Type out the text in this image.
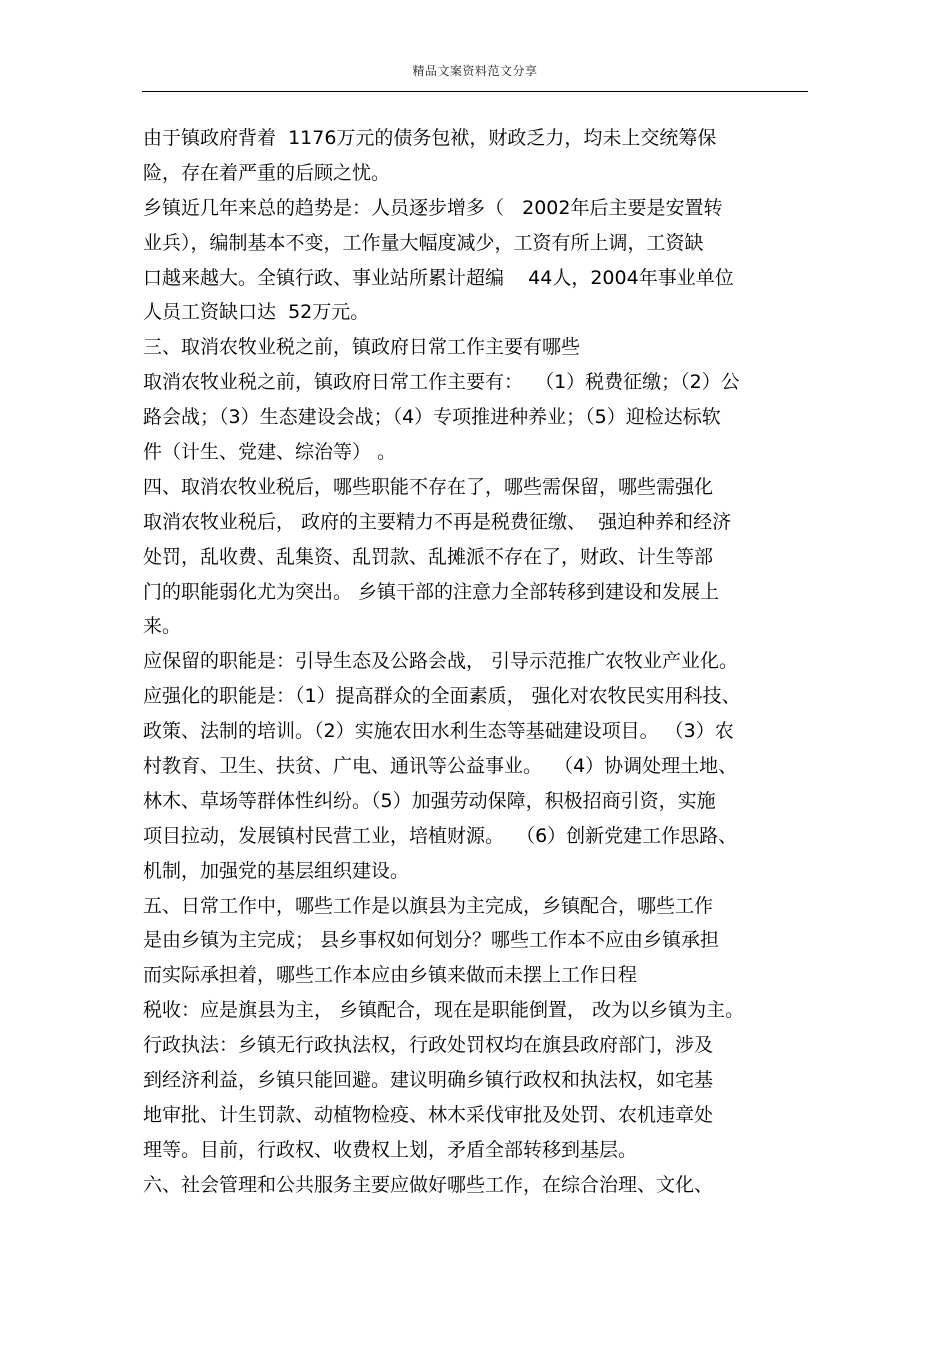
精品文案资料范文分享
由于镇政府背着  1176万元的债务包袱，财政乏力，均未上交统筹保
险，存在着严重的后顾之忧。
乡镇近几年来总的趋势是：人员逐步增多（   2002年后主要是安置转
业兵），编制基本不变，工作量大幅度减少，工资有所上调，工资缺
口越来越大。全镇行政、事业站所累计超编    44人，2004年事业单位
人员工资缺口达  52万元。
三、取消农牧业税之前，镇政府日常工作主要有哪些
取消农牧业税之前，镇政府日常工作主要有：  （1）税费征缴；（2）公
路会战；（3）生态建设会战；（4）专项推进种养业；（5）迎检达标软
件（计生、党建、综治等） 。
四、取消农牧业税后，哪些职能不存在了，哪些需保留，哪些需强化
取消农牧业税后， 政府的主要精力不再是税费征缴、  强迫种养和经济
处罚，乱收费、乱集资、乱罚款、乱摊派不存在了，财政、计生等部
门的职能弱化尤为突出。 乡镇干部的注意力全部转移到建设和发展上
来。
应保留的职能是：引导生态及公路会战， 引导示范推广农牧业产业化。
应强化的职能是：（1）提高群众的全面素质， 强化对农牧民实用科技、
政策、法制的培训。（2）实施农田水利生态等基础建设项目。 （3）农
村教育、卫生、扶贫、广电、通讯等公益事业。  （4）协调处理土地、
林木、草场等群体性纠纷。（5）加强劳动保障，积极招商引资，实施
项目拉动，发展镇村民营工业，培植财源。  （6）创新党建工作思路、
机制，加强党的基层组织建设。
五、日常工作中，哪些工作是以旗县为主完成，乡镇配合，哪些工作
是由乡镇为主完成； 县乡事权如何划分？哪些工作本不应由乡镇承担
而实际承担着，哪些工作本应由乡镇来做而未摆上工作日程
税收：应是旗县为主， 乡镇配合，现在是职能倒置， 改为以乡镇为主。
行政执法：乡镇无行政执法权，行政处罚权均在旗县政府部门，涉及
到经济利益，乡镇只能回避。建议明确乡镇行政权和执法权，如宅基
地审批、计生罚款、动植物检疫、林木采伐审批及处罚、农机违章处
理等。目前，行政权、收费权上划，矛盾全部转移到基层。
六、社会管理和公共服务主要应做好哪些工作，在综合治理、文化、
